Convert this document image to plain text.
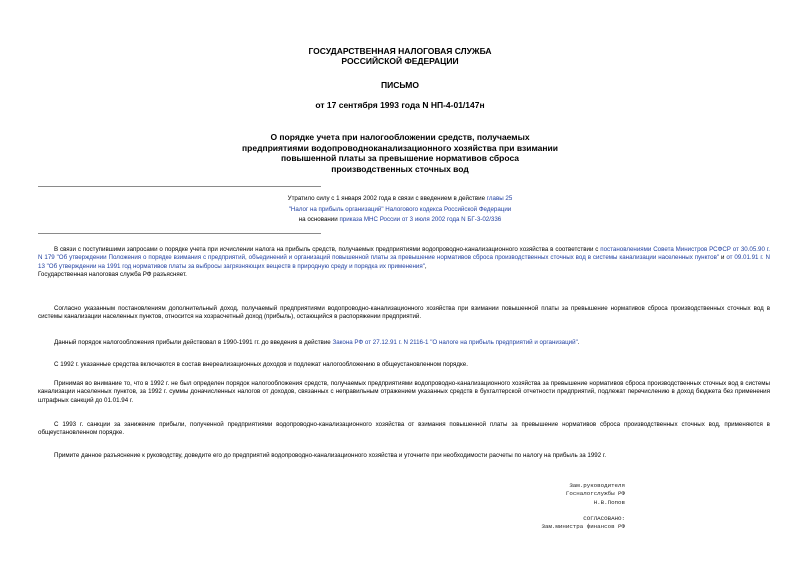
ГОСУДАРСТВЕННАЯ НАЛОГОВАЯ СЛУЖБА
РОССИЙСКОЙ ФЕДЕРАЦИИ
ПИСЬМО
от 17 сентября 1993 года N НП-4-01/147н
О порядке учета при налогообложении средств, получаемых
предприятиями водопроводноканализационного хозяйства при взимании
повышенной платы за превышение нормативов сброса
производственных сточных вод
Утратило силу с 1 января 2002 года в связи с введением в действие главы 25
"Налог на прибыль организаций" Налогового кодекса Российской Федерации
на основании приказа МНС России от 3 июля 2002 года N БГ-3-02/336
В связи с поступившими запросами о порядке учета при исчислении налога на прибыль средств, получаемых предприятиями водопроводно-канализационного хозяйства в соответствии с постановлениями Совета Министров РСФСР от 30.05.90 г. N 179 "Об утверждении Положения о порядке взимания с предприятий, объединений и организаций повышенной платы за превышение нормативов сброса производственных сточных вод в системы канализации населенных пунктов" и от 09.01.91 г. N 13 "Об утверждении на 1991 год нормативов платы за выбросы загрязняющих веществ в природную среду и порядка их применения",
Государственная налоговая служба РФ разъясняет.
Согласно указанным постановлениям дополнительный доход, получаемый предприятиями водопроводно-канализационного хозяйства при взимании повышенной платы за превышение нормативов сброса производственных сточных вод в системы канализации населенных пунктов, относится на хозрасчетный доход (прибыль), остающийся в распоряжении предприятий.
Данный порядок налогообложения прибыли действовал в 1990-1991 гг. до введения в действие Закона РФ от 27.12.91 г. N 2116-1 "О налоге на прибыль предприятий и организаций".
С 1992 г. указанные средства включаются в состав внереализационных доходов и подлежат налогообложению в общеустановленном порядке.
Принимая во внимание то, что в 1992 г. не был определен порядок налогообложения средств, получаемых предприятиями водопроводно-канализационного хозяйства за превышение нормативов сброса производственных сточных вод в системы канализации населенных пунктов, за 1992 г. суммы доначисленных налогов от доходов, связанных с неправильным отражением указанных средств в бухгалтерской отчетности предприятий, подлежат перечислению в доход бюджета без применения штрафных санкций до 01.01.94 г.
С 1993 г. санкции за занижение прибыли, полученной предприятиями водопроводно-канализационного хозяйства от взимания повышенной платы за превышение нормативов сброса производственных сточных вод, применяются в общеустановленном порядке.
Примите данное разъяснение к руководству, доведите его до предприятий водопроводно-канализационного хозяйства и уточните при необходимости расчеты по налогу на прибыль за 1992 г.
Зам.руководителя
Госналогслужбы РФ
Н.В.Попов
СОГЛАСОВАНО:
Зам.министра финансов РФ
